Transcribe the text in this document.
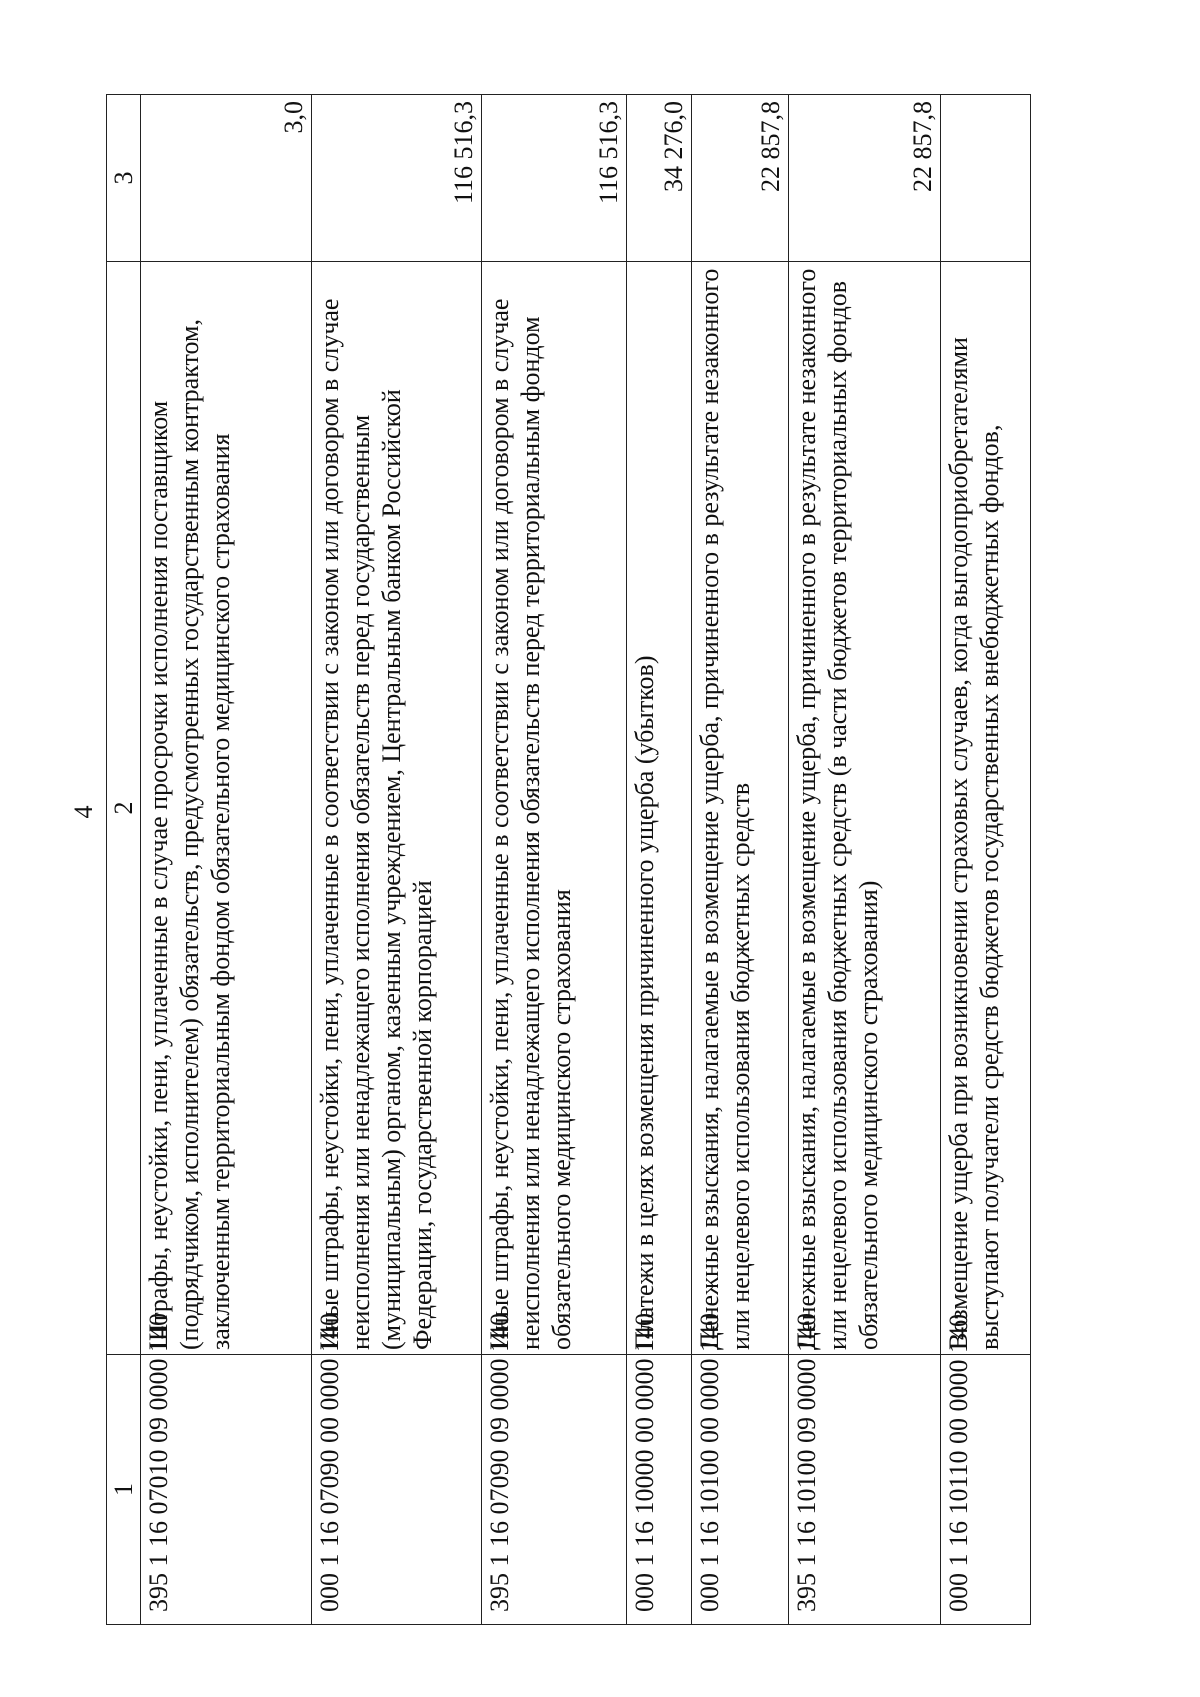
4
1	2	3
395 1 16 07010 09 0000 140	Штрафы, неустойки, пени, уплаченные в случае просрочки исполнения поставщиком (подрядчиком, исполнителем) обязательств, предусмотренных государственным контрактом, заключенным территориальным фондом обязательного медицинского страхования	3,0
000 1 16 07090 00 0000 140	Иные штрафы, неустойки, пени, уплаченные в соответствии с законом или договором в случае неисполнения или ненадлежащего исполнения обязательств перед государственным (муниципальным) органом, казенным учреждением, Центральным банком Российской Федерации, государственной корпорацией	116 516,3
395 1 16 07090 09 0000 140	Иные штрафы, неустойки, пени, уплаченные в соответствии с законом или договором в случае неисполнения или ненадлежащего исполнения обязательств перед территориальным фондом обязательного медицинского страхования	116 516,3
000 1 16 10000 00 0000 140	Платежи в целях возмещения причиненного ущерба (убытков)	34 276,0
000 1 16 10100 00 0000 140	Денежные взыскания, налагаемые в возмещение ущерба, причиненного в результате незаконного или нецелевого использования бюджетных средств	22 857,8
395 1 16 10100 09 0000 140	Денежные взыскания, налагаемые в возмещение ущерба, причиненного в результате незаконного или нецелевого использования бюджетных средств (в части бюджетов территориальных фондов обязательного медицинского страхования)	22 857,8
000 1 16 10110 00 0000 140	Возмещение ущерба при возникновении страховых случаев, когда выгодоприобретателями выступают получатели средств бюджетов государственных внебюджетных фондов,	
